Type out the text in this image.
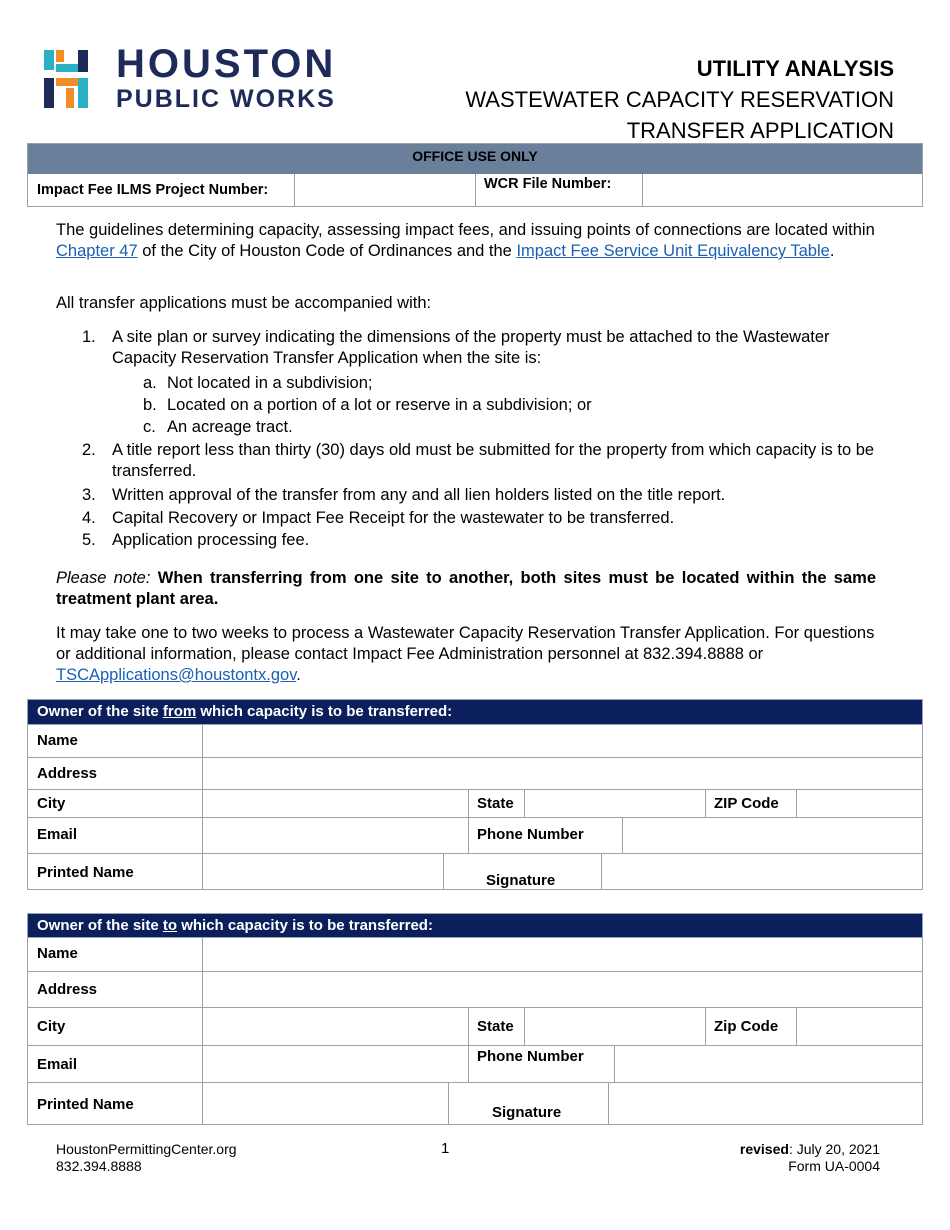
HOUSTON
PUBLIC WORKS
UTILITY ANALYSIS
WASTEWATER CAPACITY RESERVATION
TRANSFER APPLICATION
OFFICE USE ONLY
Impact Fee ILMS Project Number:	WCR File Number:
The guidelines determining capacity, assessing impact fees, and issuing points of connections are located within Chapter 47 of the City of Houston Code of Ordinances and the Impact Fee Service Unit Equivalency Table.
All transfer applications must be accompanied with:
1. A site plan or survey indicating the dimensions of the property must be attached to the Wastewater Capacity Reservation Transfer Application when the site is:
a. Not located in a subdivision;
b. Located on a portion of a lot or reserve in a subdivision; or
c. An acreage tract.
2. A title report less than thirty (30) days old must be submitted for the property from which capacity is to be transferred.
3. Written approval of the transfer from any and all lien holders listed on the title report.
4. Capital Recovery or Impact Fee Receipt for the wastewater to be transferred.
5. Application processing fee.
Please note: When transferring from one site to another, both sites must be located within the same treatment plant area.
It may take one to two weeks to process a Wastewater Capacity Reservation Transfer Application. For questions or additional information, please contact Impact Fee Administration personnel at 832.394.8888 or TSCApplications@houstontx.gov.
Owner of the site from which capacity is to be transferred:
Name
Address
City	State	ZIP Code
Email	Phone Number
Printed Name	Signature
Owner of the site to which capacity is to be transferred:
Name
Address
City	State	Zip Code
Email	Phone Number
Printed Name	Signature
HoustonPermittingCenter.org
832.394.8888
1	revised: July 20, 2021
Form UA-0004
